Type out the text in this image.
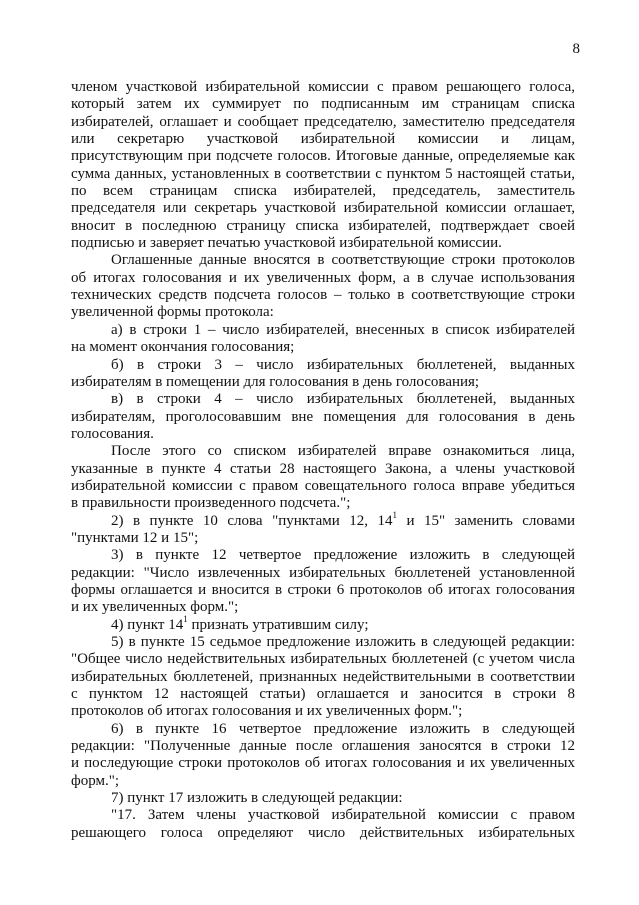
8
членом участковой избирательной комиссии с правом решающего голоса,
который затем их суммирует по подписанным им страницам списка
избирателей, оглашает и сообщает председателю, заместителю председателя
или секретарю участковой избирательной комиссии и лицам,
присутствующим при подсчете голосов. Итоговые данные, определяемые как
сумма данных, установленных в соответствии с пунктом 5 настоящей статьи,
по всем страницам списка избирателей, председатель, заместитель
председателя или секретарь участковой избирательной комиссии оглашает,
вносит в последнюю страницу списка избирателей, подтверждает своей
подписью и заверяет печатью участковой избирательной комиссии.
Оглашенные данные вносятся в соответствующие строки протоколов
об итогах голосования и их увеличенных форм, а в случае использования
технических средств подсчета голосов – только в соответствующие строки
увеличенной формы протокола:
а) в строки 1 – число избирателей, внесенных в список избирателей
на момент окончания голосования;
б) в строки 3 – число избирательных бюллетеней, выданных
избирателям в помещении для голосования в день голосования;
в) в строки 4 – число избирательных бюллетеней, выданных
избирателям, проголосовавшим вне помещения для голосования в день
голосования.
После этого со списком избирателей вправе ознакомиться лица,
указанные в пункте 4 статьи 28 настоящего Закона, а члены участковой
избирательной комиссии с правом совещательного голоса вправе убедиться
в правильности произведенного подсчета.";
2) в пункте 10 слова "пунктами 12, $14^1$ и 15" заменить словами
"пунктами 12 и 15";
3) в пункте 12 четвертое предложение изложить в следующей
редакции: "Число извлеченных избирательных бюллетеней установленной
формы оглашается и вносится в строки 6 протоколов об итогах голосования
и их увеличенных форм.";
4) пункт $14^1$ признать утратившим силу;
5) в пункте 15 седьмое предложение изложить в следующей редакции:
"Общее число недействительных избирательных бюллетеней (с учетом числа
избирательных бюллетеней, признанных недействительными в соответствии
с пунктом 12 настоящей статьи) оглашается и заносится в строки 8
протоколов об итогах голосования и их увеличенных форм.";
6) в пункте 16 четвертое предложение изложить в следующей
редакции: "Полученные данные после оглашения заносятся в строки 12
и последующие строки протоколов об итогах голосования и их увеличенных
форм.";
7) пункт 17 изложить в следующей редакции:
"17. Затем члены участковой избирательной комиссии с правом
решающего голоса определяют число действительных избирательных
